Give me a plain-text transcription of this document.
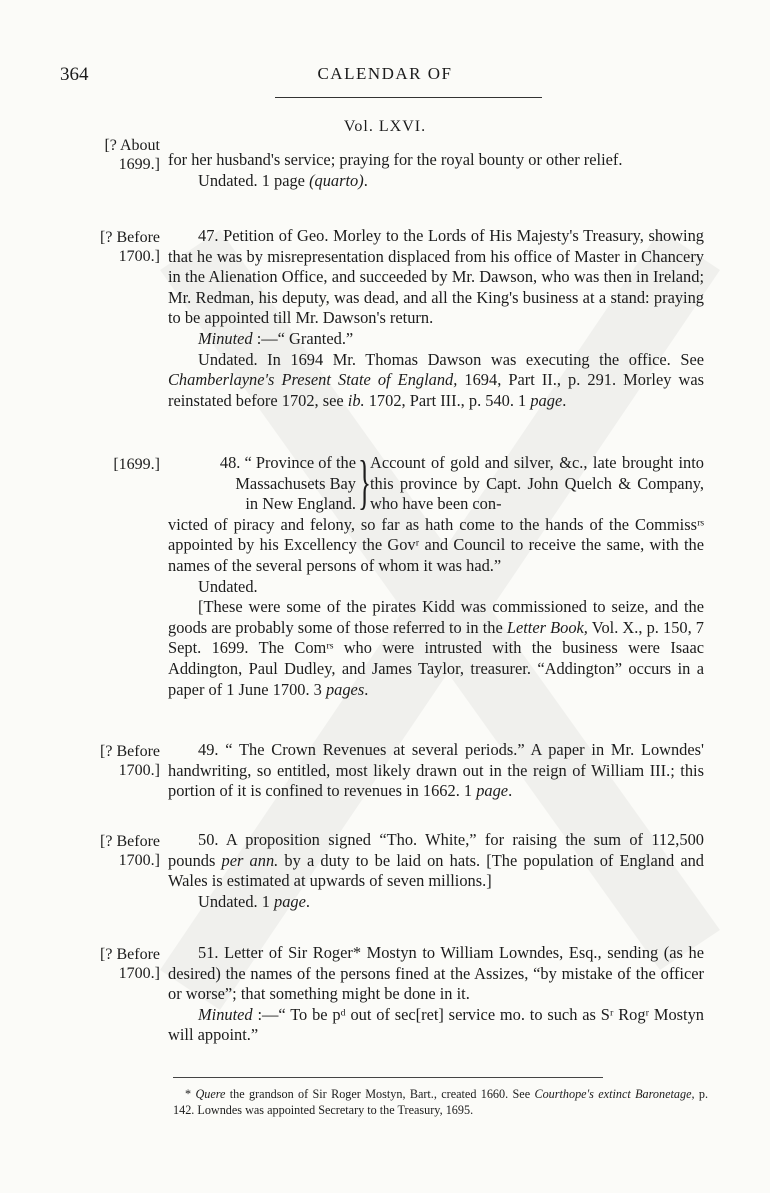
364	CALENDAR OF
Vol. LXVI.
[? About
1699.] for her husband's service; praying for the royal bounty or other relief.

Undated. 1 page (quarto).

[? Before
1700.]

47. Petition of Geo. Morley to the Lords of His Majesty's Treasury, showing that he was by misrepresentation displaced from his office of Master in Chancery in the Alienation Office, and succeeded by Mr. Dawson, who was then in Ireland; Mr. Redman, his deputy, was dead, and all the King's business at a stand: praying to be appointed till Mr. Dawson's return.

Minuted :—“ Granted.”

Undated. In 1694 Mr. Thomas Dawson was executing the office. See Chamberlayne's Present State of England, 1694, Part II., p. 291. Morley was reinstated before 1702, see ib. 1702, Part III., p. 540. 1 page.

[1699.]	48. “ Province of the
Massachusets Bay
in New England. } Account of gold and silver, &c., late brought into this province by Capt. John Quelch & Company, who have been con-

victed of piracy and felony, so far as hath come to the hands of the Commissʳˢ appointed by his Excellency the Govʳ and Council to receive the same, with the names of the several persons of whom it was had.”

Undated.

[These were some of the pirates Kidd was commissioned to seize, and the goods are probably some of those referred to in the Letter Book, Vol. X., p. 150, 7 Sept. 1699. The Comʳˢ who were intrusted with the business were Isaac Addington, Paul Dudley, and James Taylor, treasurer. “Addington” occurs in a paper of 1 June 1700. 3 pages.

[? Before
1700.]

49. “ The Crown Revenues at several periods.” A paper in Mr. Lowndes' handwriting, so entitled, most likely drawn out in the reign of William III.; this portion of it is confined to revenues in 1662. 1 page.

[? Before
1700.]

50. A proposition signed “Tho. White,” for raising the sum of 112,500 pounds per ann. by a duty to be laid on hats. [The population of England and Wales is estimated at upwards of seven millions.]

Undated. 1 page.

[? Before
1700.]

51. Letter of Sir Roger* Mostyn to William Lowndes, Esq., sending (as he desired) the names of the persons fined at the Assizes, “by mistake of the officer or worse”; that something might be done in it.

Minuted :—“ To be pᵈ out of sec[ret] service mo. to such as Sʳ Rogʳ Mostyn will appoint.”

* Quere the grandson of Sir Roger Mostyn, Bart., created 1660. See Courthope's extinct Baronetage, p. 142. Lowndes was appointed Secretary to the Treasury, 1695.
